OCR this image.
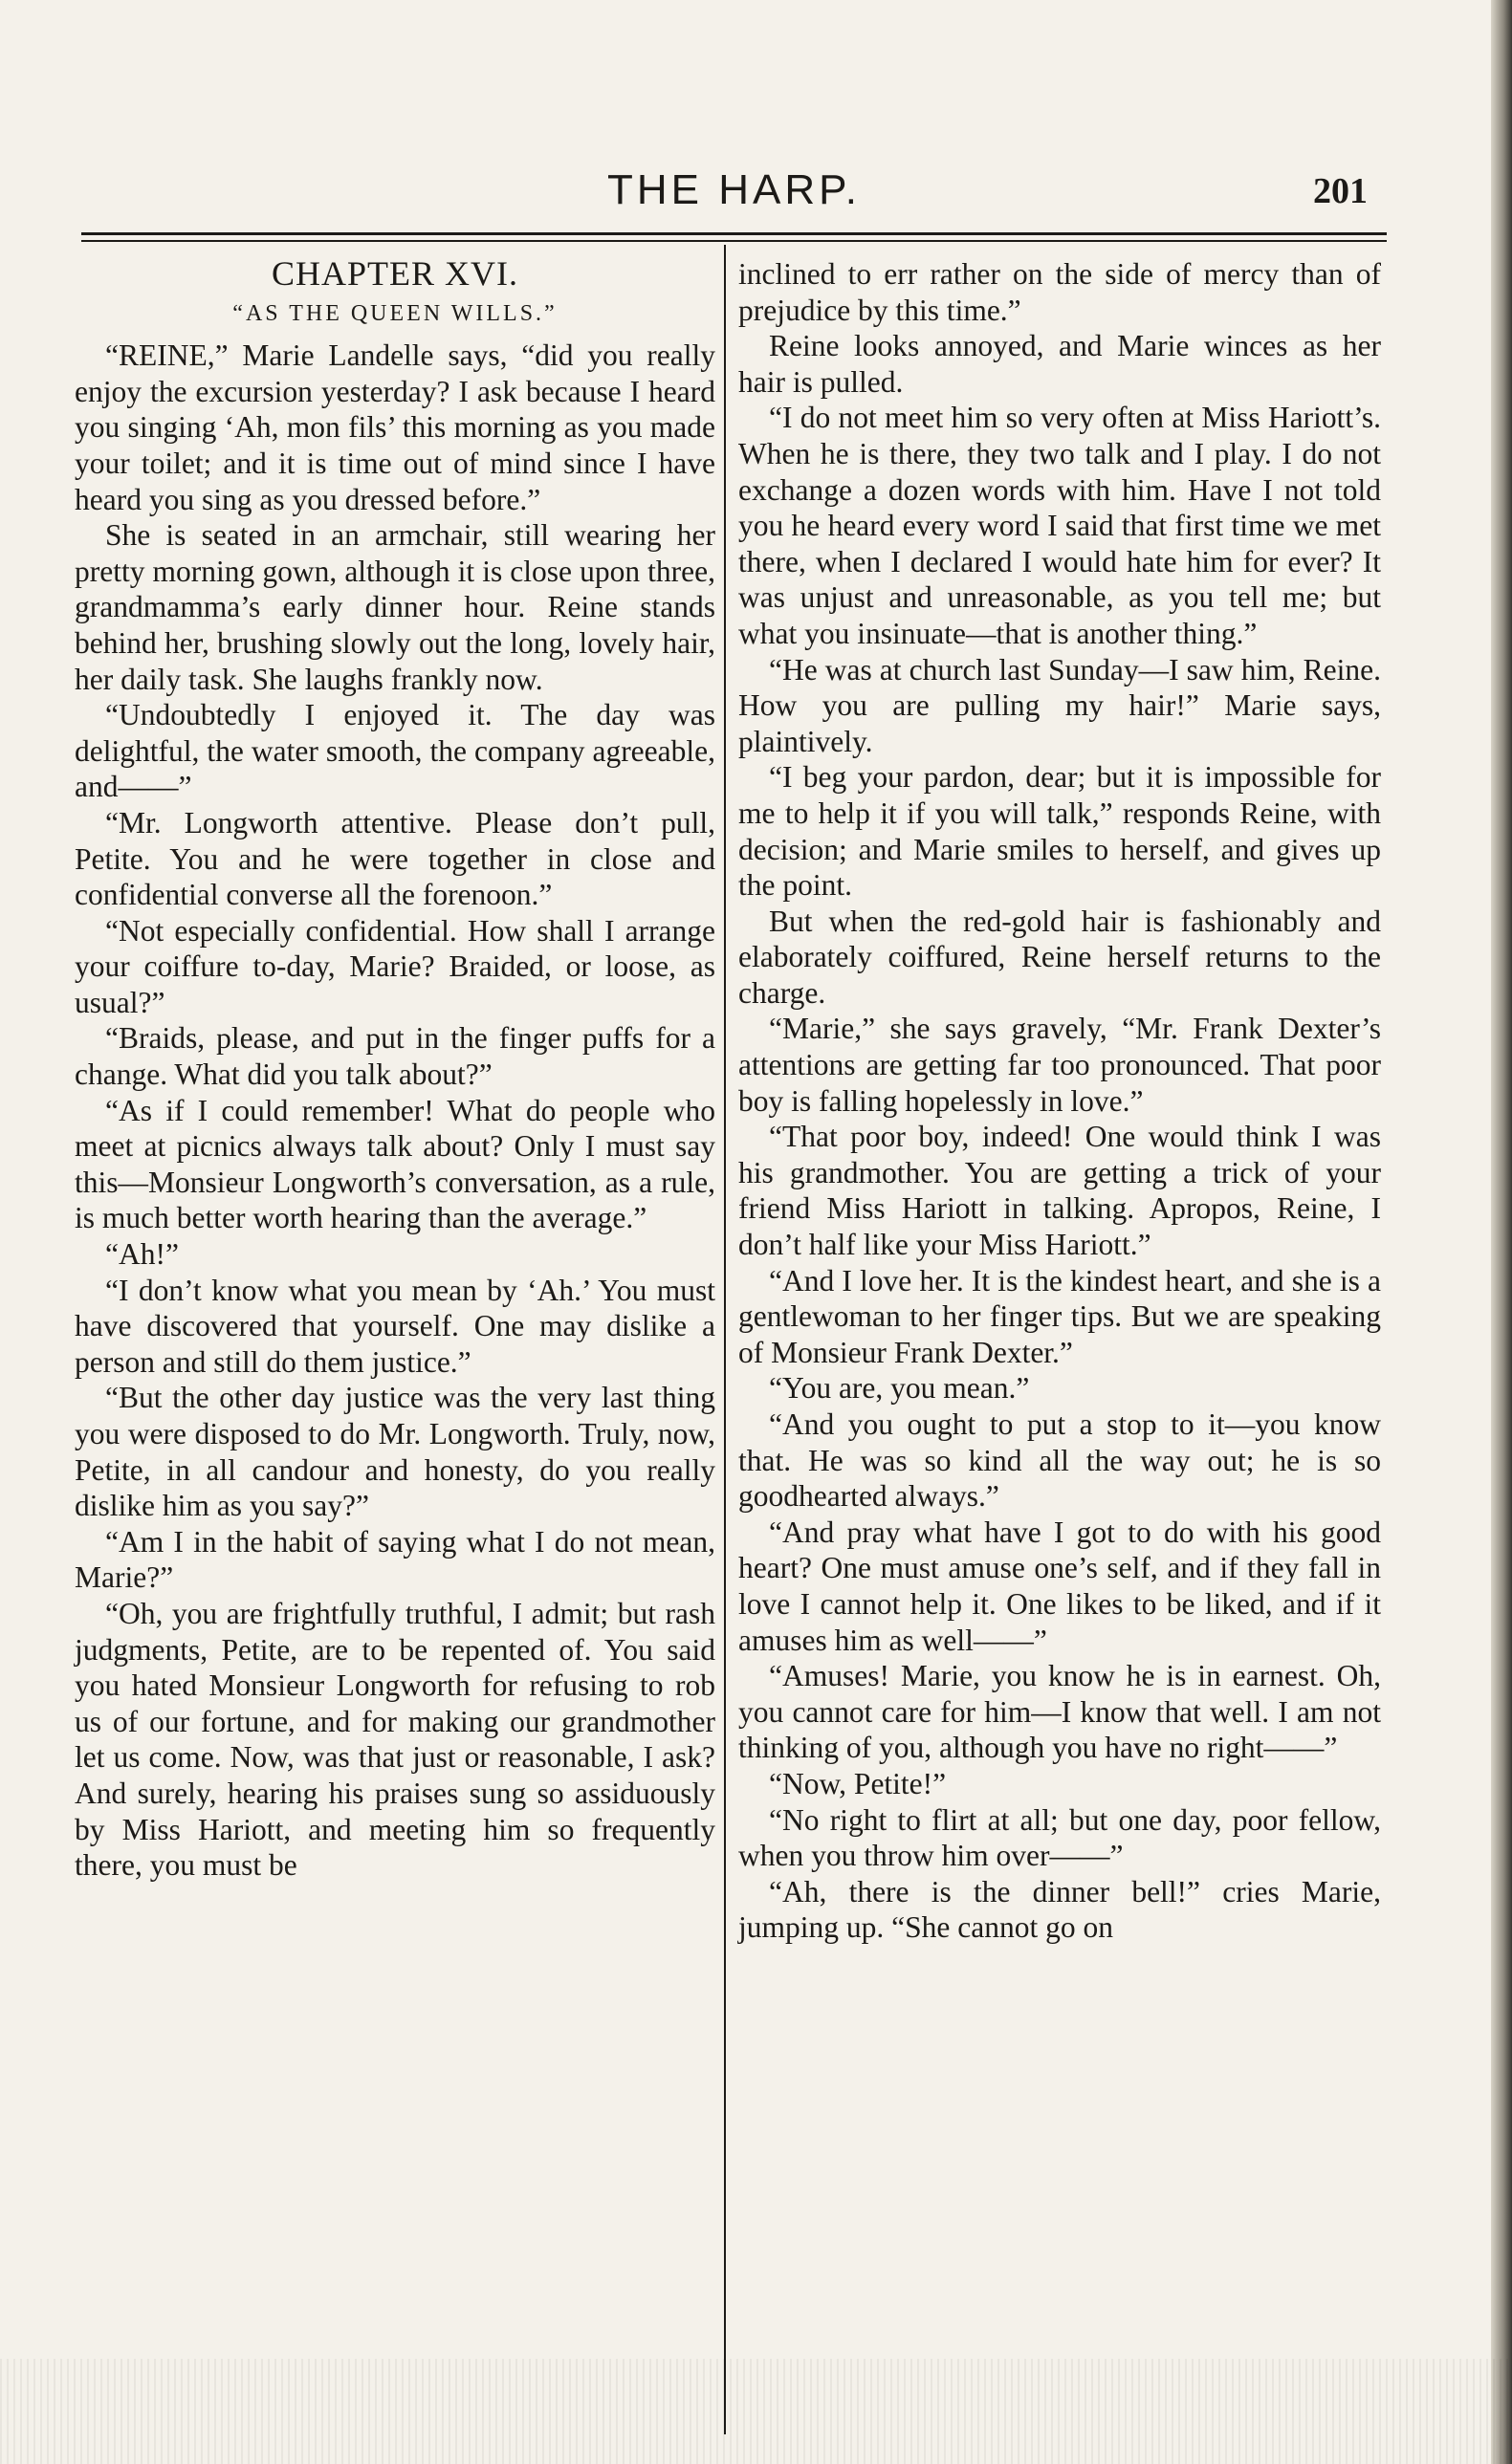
THE HARP.	201
CHAPTER XVI.
“AS THE QUEEN WILLS.”

“REINE,” Marie Landelle says, “did you really enjoy the excursion yesterday? I ask because I heard you singing ‘Ah, mon fils’ this morning as you made your toilet; and it is time out of mind since I have heard you sing as you dressed before.”

She is seated in an armchair, still wearing her pretty morning gown, although it is close upon three, grandmamma’s early dinner hour. Reine stands behind her, brushing slowly out the long, lovely hair, her daily task. She laughs frankly now.

“Undoubtedly I enjoyed it. The day was delightful, the water smooth, the company agreeable, and——”

“Mr. Longworth attentive. Please don’t pull, Petite. You and he were together in close and confidential converse all the forenoon.”

“Not especially confidential. How shall I arrange your coiffure to-day, Marie? Braided, or loose, as usual?”

“Braids, please, and put in the finger puffs for a change. What did you talk about?”

“As if I could remember! What do people who meet at picnics always talk about? Only I must say this—Monsieur Longworth’s conversation, as a rule, is much better worth hearing than the average.”

“Ah!”

“I don’t know what you mean by ‘Ah.’ You must have discovered that yourself. One may dislike a person and still do them justice.”

“But the other day justice was the very last thing you were disposed to do Mr. Longworth. Truly, now, Petite, in all candour and honesty, do you really dislike him as you say?”

“Am I in the habit of saying what I do not mean, Marie?”

“Oh, you are frightfully truthful, I admit; but rash judgments, Petite, are to be repented of. You said you hated Monsieur Longworth for refusing to rob us of our fortune, and for making our grandmother let us come. Now, was that just or reasonable, I ask? And surely, hearing his praises sung so assiduously by Miss Hariott, and meeting him so frequently there, you must be

inclined to err rather on the side of mercy than of prejudice by this time.”

Reine looks annoyed, and Marie winces as her hair is pulled.

“I do not meet him so very often at Miss Hariott’s. When he is there, they two talk and I play. I do not exchange a dozen words with him. Have I not told you he heard every word I said that first time we met there, when I declared I would hate him for ever? It was unjust and unreasonable, as you tell me; but what you insinuate—that is another thing.”

“He was at church last Sunday—I saw him, Reine. How you are pulling my hair!” Marie says, plaintively.

“I beg your pardon, dear; but it is impossible for me to help it if you will talk,” responds Reine, with decision; and Marie smiles to herself, and gives up the point.

But when the red-gold hair is fashionably and elaborately coiffured, Reine herself returns to the charge.

“Marie,” she says gravely, “Mr. Frank Dexter’s attentions are getting far too pronounced. That poor boy is falling hopelessly in love.”

“That poor boy, indeed! One would think I was his grandmother. You are getting a trick of your friend Miss Hariott in talking. Apropos, Reine, I don’t half like your Miss Hariott.”

“And I love her. It is the kindest heart, and she is a gentlewoman to her finger tips. But we are speaking of Monsieur Frank Dexter.”

“You are, you mean.”

“And you ought to put a stop to it—you know that. He was so kind all the way out; he is so goodhearted always.”

“And pray what have I got to do with his good heart? One must amuse one’s self, and if they fall in love I cannot help it. One likes to be liked, and if it amuses him as well——”

“Amuses! Marie, you know he is in earnest. Oh, you cannot care for him—I know that well. I am not thinking of you, although you have no right——”

“Now, Petite!”

“No right to flirt at all; but one day, poor fellow, when you throw him over——”

“Ah, there is the dinner bell!” cries Marie, jumping up. “She cannot go on
